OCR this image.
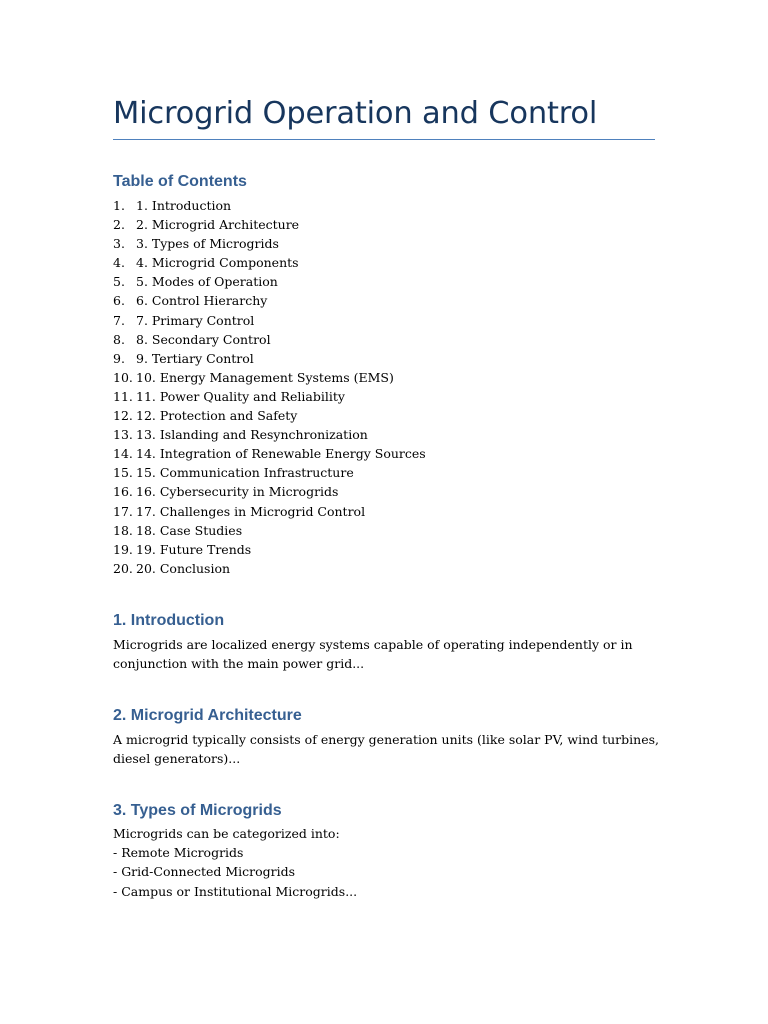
Microgrid Operation and Control
Table of Contents
1. 1. Introduction
2. 2. Microgrid Architecture
3. 3. Types of Microgrids
4. 4. Microgrid Components
5. 5. Modes of Operation
6. 6. Control Hierarchy
7. 7. Primary Control
8. 8. Secondary Control
9. 9. Tertiary Control
10. 10. Energy Management Systems (EMS)
11. 11. Power Quality and Reliability
12. 12. Protection and Safety
13. 13. Islanding and Resynchronization
14. 14. Integration of Renewable Energy Sources
15. 15. Communication Infrastructure
16. 16. Cybersecurity in Microgrids
17. 17. Challenges in Microgrid Control
18. 18. Case Studies
19. 19. Future Trends
20. 20. Conclusion
1. Introduction

Microgrids are localized energy systems capable of operating independently or in
conjunction with the main power grid...

2. Microgrid Architecture

A microgrid typically consists of energy generation units (like solar PV, wind turbines,
diesel generators)...

3. Types of Microgrids

Microgrids can be categorized into:
- Remote Microgrids
- Grid-Connected Microgrids
- Campus or Institutional Microgrids...
